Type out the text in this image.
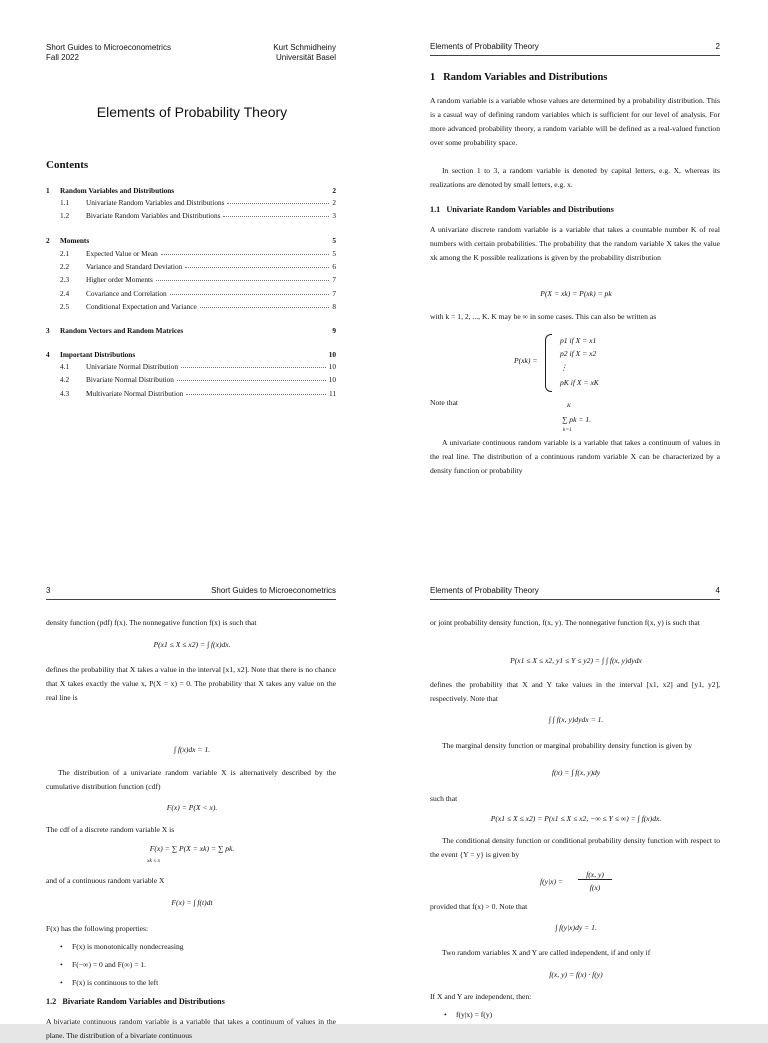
Short Guides to Microeconometrics
Fall 2022
Kurt Schmidheiny
Universität Basel
Elements of Probability Theory
Contents
1	Random Variables and Distributions	2
1.1	Univariate Random Variables and Distributions	2
1.2	Bivariate Random Variables and Distributions	3
2	Moments	5
2.1	Expected Value or Mean	5
2.2	Variance and Standard Deviation	6
2.3	Higher order Moments	7
2.4	Covariance and Correlation	7
2.5	Conditional Expectation and Variance	8
3	Random Vectors and Random Matrices	9
4	Important Distributions	10
4.1	Univariate Normal Distribution	10
4.2	Bivariate Normal Distribution	10
4.3	Multivariate Normal Distribution	11
Elements of Probability Theory	2
1 Random Variables and Distributions
A random variable is a variable whose values are determined by a probability distribution. This is a casual way of defining random variables which is sufficient for our level of analysis. For more advanced probability theory, a random variable will be defined as a real-valued function over some probability space.
In section 1 to 3, a random variable is denoted by capital letters, e.g. X, whereas its realizations are denoted by small letters, e.g. x.
1.1 Univariate Random Variables and Distributions
A univariate discrete random variable is a variable that takes a countable number K of real numbers with certain probabilities. The probability that the random variable X takes the value xk among the K possible realizations is given by the probability distribution
P(X = xk) = P(xk) = pk
with k = 1, 2, ..., K. K may be ∞ in some cases. This can also be written as
P(xk) =
p1 if X = x1
p2 if X = x2
⋮
pK if X = xK
Note that	K
∑ pk = 1.
k=1
A univariate continuous random variable is a variable that takes a continuum of values in the real line. The distribution of a continuous random variable X can be characterized by a density function or probability
3	Short Guides to Microeconometrics
density function (pdf) f(x). The nonnegative function f(x) is such that
P(x1 ≤ X ≤ x2) = ∫ f(x)dx.
defines the probability that X takes a value in the interval [x1, x2]. Note that there is no chance that X takes exactly the value x, P(X = x) = 0. The probability that X takes any value on the real line is
∫ f(x)dx = 1.
The distribution of a univariate random variable X is alternatively described by the cumulative distribution function (cdf)
F(x) = P(X < x).
The cdf of a discrete random variable X is
F(x) = ∑ P(X = xk) = ∑ pk.
xk ≤ x
and of a continuous random variable X
F(x) = ∫ f(t)dt
F(x) has the following properties:
• F(x) is monotonically nondecreasing
• F(−∞) = 0 and F(∞) = 1.
• F(x) is continuous to the left
1.2 Bivariate Random Variables and Distributions
A bivariate continuous random variable is a variable that takes a continuum of values in the plane. The distribution of a bivariate continuous
Elements of Probability Theory	4
or joint probability density function, f(x, y). The nonnegative function f(x, y) is such that
P(x1 ≤ X ≤ x2, y1 ≤ Y ≤ y2) = ∫ ∫ f(x, y)dydx
defines the probability that X and Y take values in the interval [x1, x2] and [y1, y2], respectively. Note that
∫ ∫ f(x, y)dydx = 1.
The marginal density function or marginal probability density function is given by
f(x) = ∫ f(x, y)dy
such that
P(x1 ≤ X ≤ x2) = P(x1 ≤ X ≤ x2, −∞ ≤ Y ≤ ∞) = ∫ f(x)dx.
The conditional density function or conditional probability density function with respect to the event {Y = y} is given by
f(y|x) =
f(x, y)
f(x)
provided that f(x) > 0. Note that
∫ f(y|x)dy = 1.
Two random variables X and Y are called independent, if and only if
f(x, y) = f(x) · f(y)
If X and Y are independent, then:
• f(y|x) = f(y)
